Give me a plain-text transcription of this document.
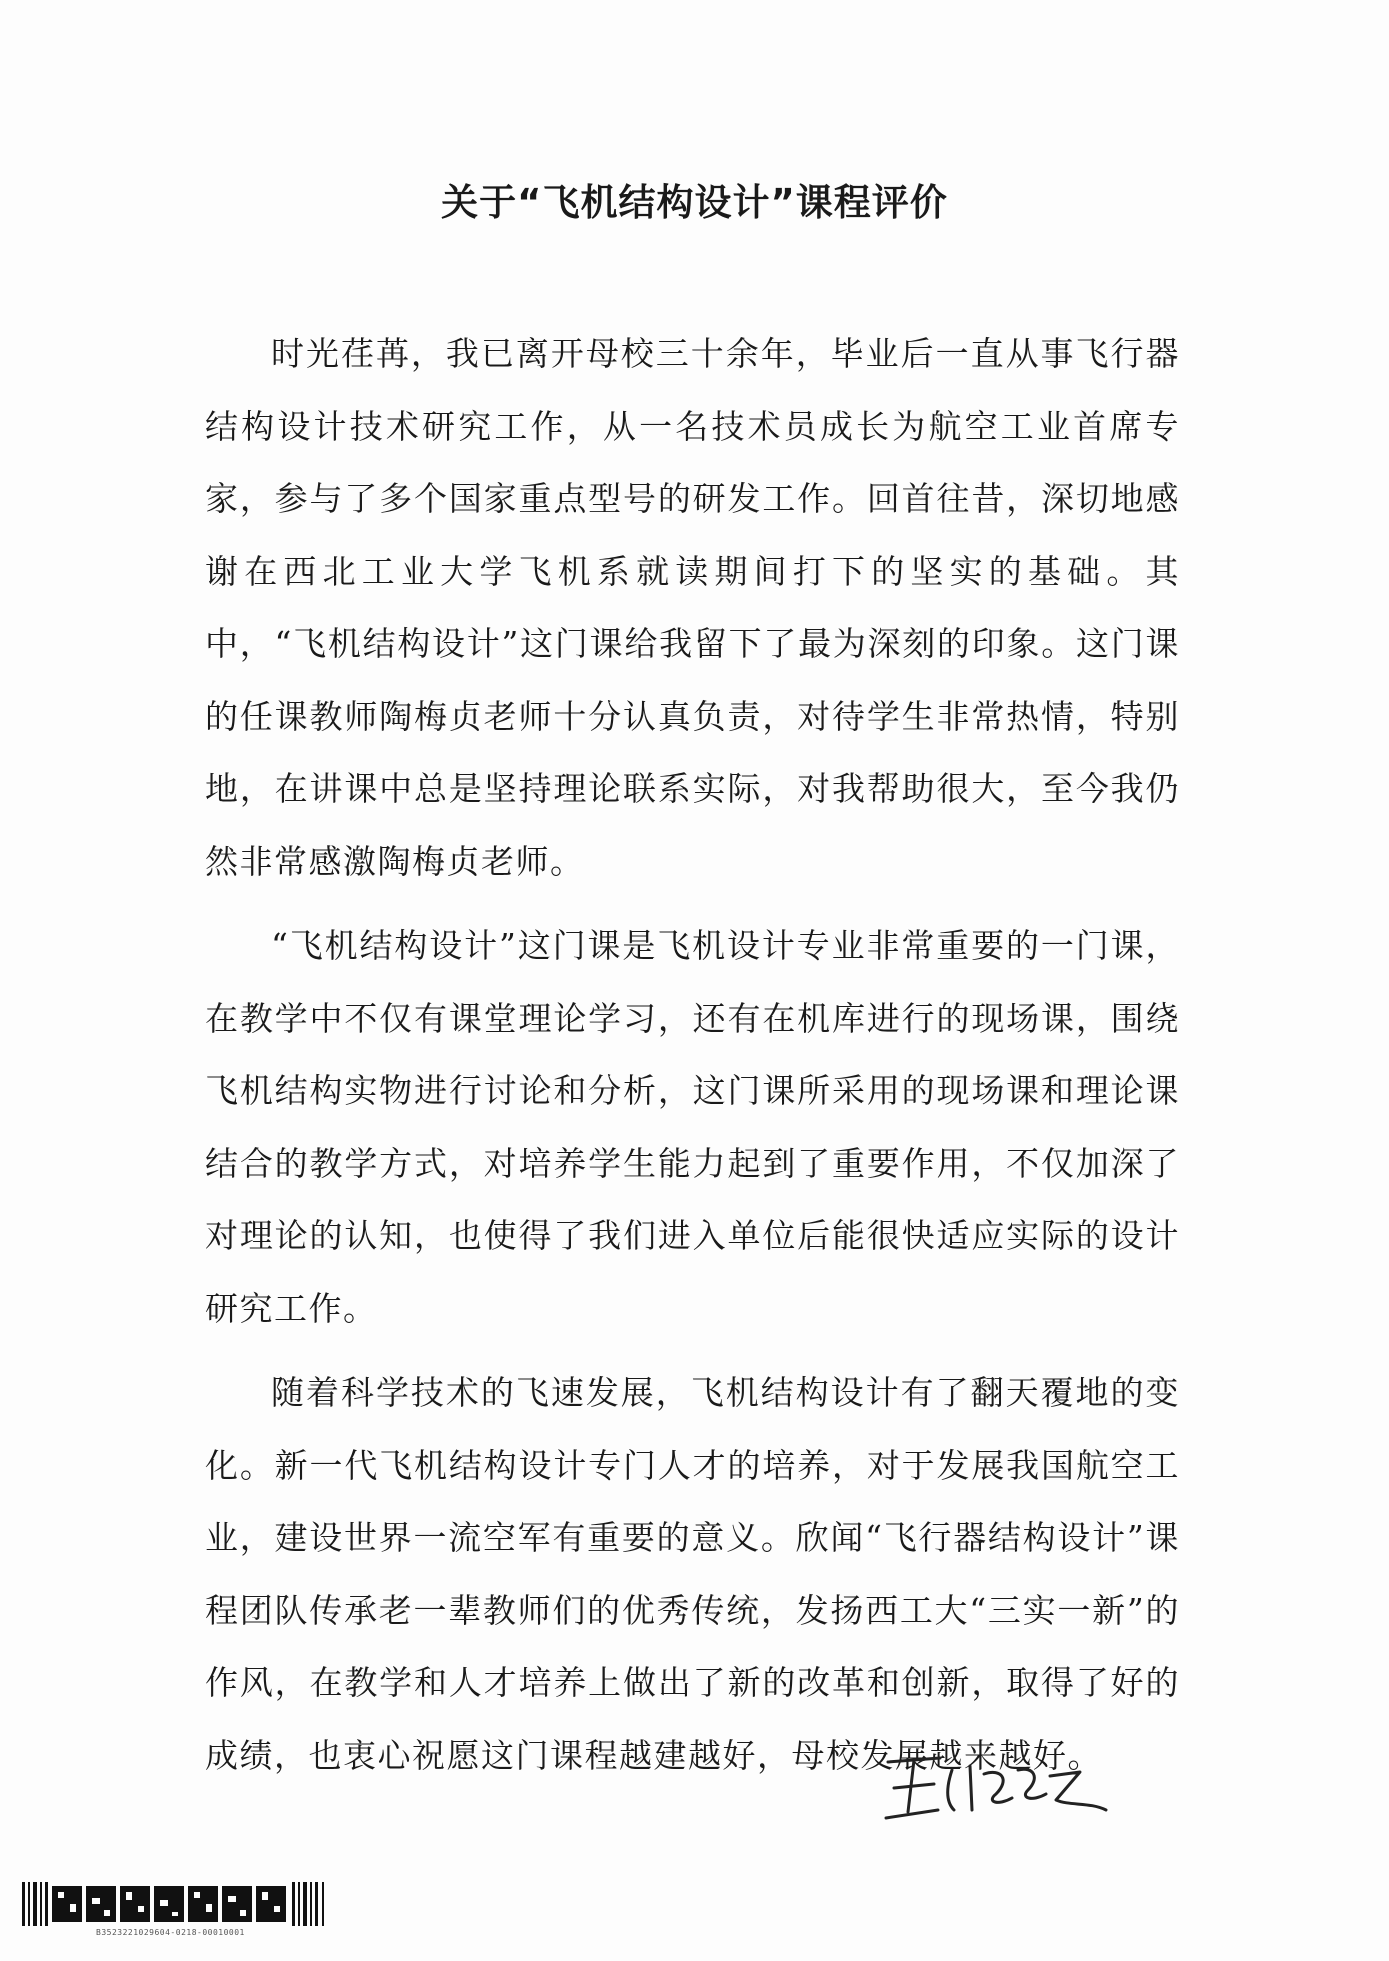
关于“飞机结构设计”课程评价

时光荏苒，我已离开母校三十余年，毕业后一直从事飞行器结构设计技术研究工作，从一名技术员成长为航空工业首席专家，参与了多个国家重点型号的研发工作。回首往昔，深切地感谢在西北工业大学飞机系就读期间打下的坚实的基础。其中，“飞机结构设计”这门课给我留下了最为深刻的印象。这门课的任课教师陶梅贞老师十分认真负责，对待学生非常热情，特别地，在讲课中总是坚持理论联系实际，对我帮助很大，至今我仍然非常感激陶梅贞老师。

“飞机结构设计”这门课是飞机设计专业非常重要的一门课，在教学中不仅有课堂理论学习，还有在机库进行的现场课，围绕飞机结构实物进行讨论和分析，这门课所采用的现场课和理论课结合的教学方式，对培养学生能力起到了重要作用，不仅加深了对理论的认知，也使得了我们进入单位后能很快适应实际的设计研究工作。

随着科学技术的飞速发展，飞机结构设计有了翻天覆地的变化。新一代飞机结构设计专门人才的培养，对于发展我国航空工业，建设世界一流空军有重要的意义。欣闻“飞行器结构设计”课程团队传承老一辈教师们的优秀传统，发扬西工大“三实一新”的作风，在教学和人才培养上做出了新的改革和创新，取得了好的成绩，也衷心祝愿这门课程越建越好，母校发展越来越好。

B3523221029604-0218-00010001
